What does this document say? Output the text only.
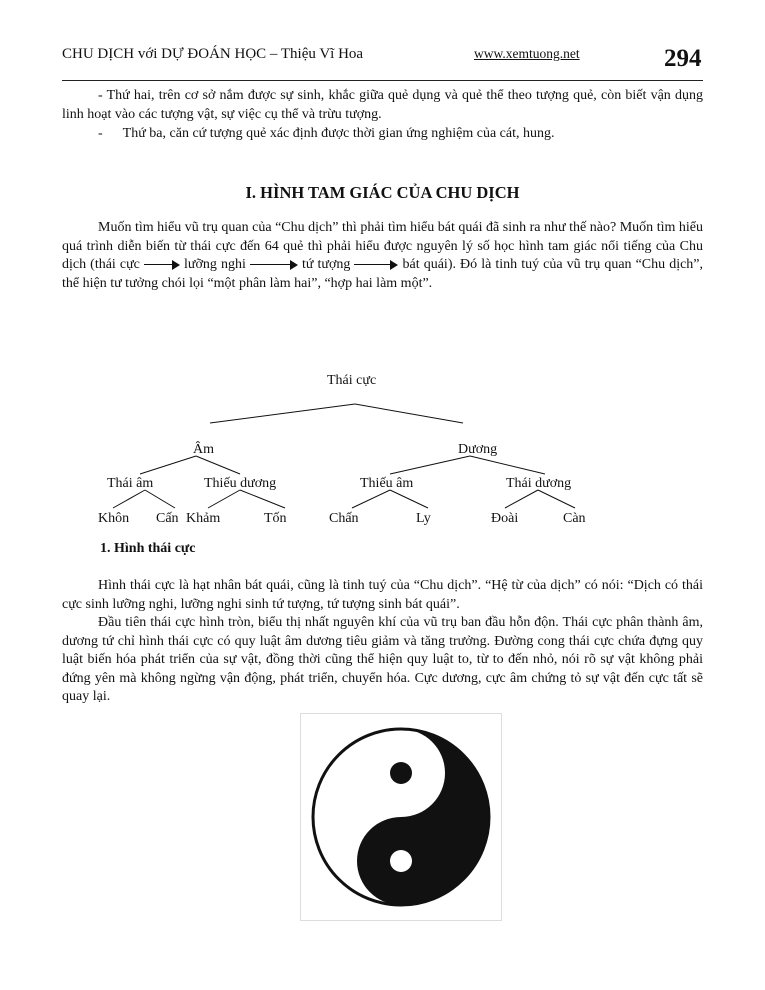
CHU DỊCH với DỰ ĐOÁN HỌC – Thiệu Vĩ Hoa	www.xemtuong.net	294

- Thứ hai, trên cơ sở nắm được sự sinh, khắc giữa quẻ dụng và quẻ thể theo tượng quẻ, còn biết vận dụng linh hoạt vào các tượng vật, sự việc cụ thể và trừu tượng.

- Thứ ba, căn cứ tượng quẻ xác định được thời gian ứng nghiệm của cát, hung.

I. HÌNH TAM GIÁC CỦA CHU DỊCH

Muốn tìm hiểu vũ trụ quan của “Chu dịch” thì phải tìm hiểu bát quái đã sinh ra như thế nào? Muốn tìm hiểu quá trình diễn biến từ thái cực đến 64 quẻ thì phải hiểu được nguyên lý số học hình tam giác nổi tiếng của Chu dịch (thái cực	lưỡng nghi	tứ tượng	bát quái). Đó là tinh tuý của vũ trụ quan “Chu dịch”, thể hiện tư tưởng chói lọi “một phân làm hai”, “hợp hai làm một”.

Thái cực
Âm	Dương
Thái âm	Thiếu dương	Thiếu âm	Thái dương
Khôn Cấn Khảm	Tốn	Chấn	Ly	Đoài	Càn
1. Hình thái cực

Hình thái cực là hạt nhân bát quái, cũng là tinh tuý của “Chu dịch”. “Hệ từ của dịch” có nói: “Dịch có thái cực sinh lưỡng nghi, lưỡng nghi sinh tứ tượng, tứ tượng sinh bát quái”.

Đầu tiên thái cực hình tròn, biểu thị nhất nguyên khí của vũ trụ ban đầu hỗn độn. Thái cực phân thành âm, dương tứ chỉ hình thái cực có quy luật âm dương tiêu giảm và tăng trưởng. Đường cong thái cực chứa đựng quy luật biến hóa phát triển của sự vật, đồng thời cũng thể hiện quy luật to, từ to đến nhỏ, nói rõ sự vật không phải đứng yên mà không ngừng vận động, phát triển, chuyển hóa. Cực dương, cực âm chứng tỏ sự vật đến cực tất sẽ quay lại.
